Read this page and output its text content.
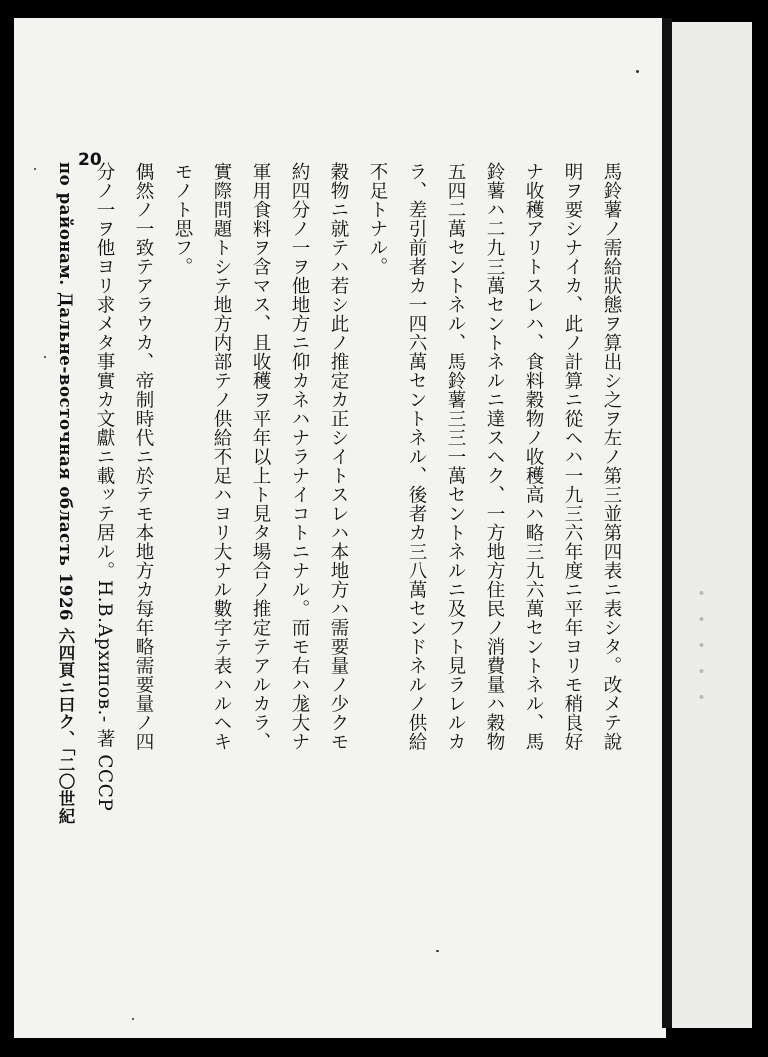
20
馬鈴薯ノ需給狀態ヲ算出シ之ヲ左ノ第三並第四表ニ表シタ。改メテ說
明ヲ要シナイカ、此ノ計算ニ從ヘハ一九三六年度ニ平年ヨリモ稍良好
ナ收穫アリトスレハ、食料穀物ノ收穫高ハ略三九六萬セントネル、馬
鈴薯ハ二九三萬セントネルニ達スヘク、一方地方住民ノ消費量ハ穀物
五四二萬セントネル、馬鈴薯三三一萬セントネルニ及フト見ラレルカ
ラ、差引前者カ一四六萬セントネル、後者カ三八萬センドネルノ供給
不足トナル。
穀物ニ就テハ若シ此ノ推定カ正シイトスレハ本地方ハ需要量ノ少クモ
約四分ノ一ヲ他地方ニ仰カネハナラナイコトニナル。而モ右ハ尨大ナ
軍用食料ヲ含マス、且收穫ヲ平年以上ト見タ場合ノ推定テアルカラ、
實際問題トシテ地方内部テノ供給不足ハヨリ大ナル數字テ表ハルヘキ
モノト思フ。
偶然ノ一致テアラウカ、帝制時代ニ於テモ本地方カ每年略需要量ノ四
分ノ一ヲ他ヨリ求メタ事實カ文獻ニ載ッテ居ル。Н.В.Архипов.- 著 СССР
по районам. Дальне-восточная область 1926 六四頁ニ曰ク、「二〇世紀	・・・・・
